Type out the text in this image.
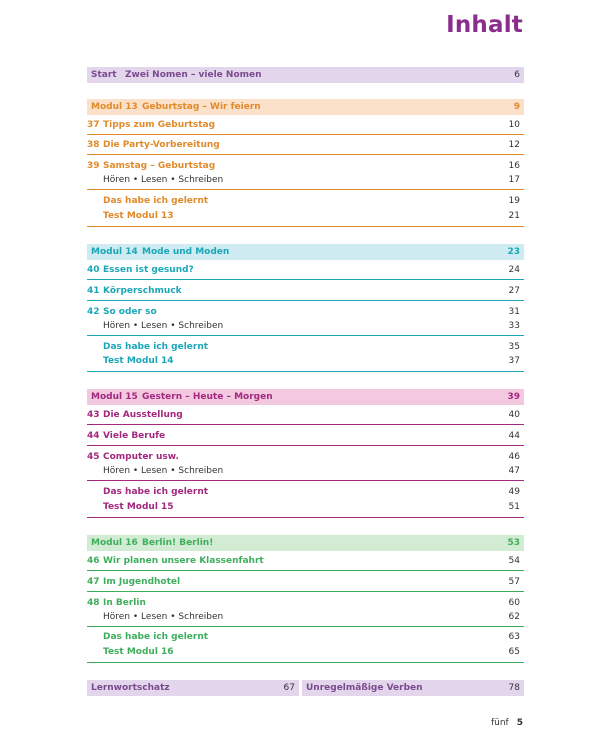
Inhalt
Start Zwei Nomen – viele Nomen	6
Modul 13 Geburtstag – Wir feiern	9
37 Tipps zum Geburtstag	10
38 Die Party-Vorbereitung	12
39 Samstag – Geburtstag	16
Hören • Lesen • Schreiben	17
Das habe ich gelernt	19
Test Modul 13	21
Modul 14 Mode und Moden	23
40 Essen ist gesund?	24
41 Körperschmuck	27
42 So oder so	31
Hören • Lesen • Schreiben	33
Das habe ich gelernt	35
Test Modul 14	37
Modul 15 Gestern – Heute – Morgen	39
43 Die Ausstellung	40
44 Viele Berufe	44
45 Computer usw.	46
Hören • Lesen • Schreiben	47
Das habe ich gelernt	49
Test Modul 15	51
Modul 16 Berlin! Berlin!	53
46 Wir planen unsere Klassenfahrt	54
47 Im Jugendhotel	57
48 In Berlin	60
Hören • Lesen • Schreiben	62
Das habe ich gelernt	63
Test Modul 16	65
Lernwortschatz	67 Unregelmäßige Verben	78
fünf 5
